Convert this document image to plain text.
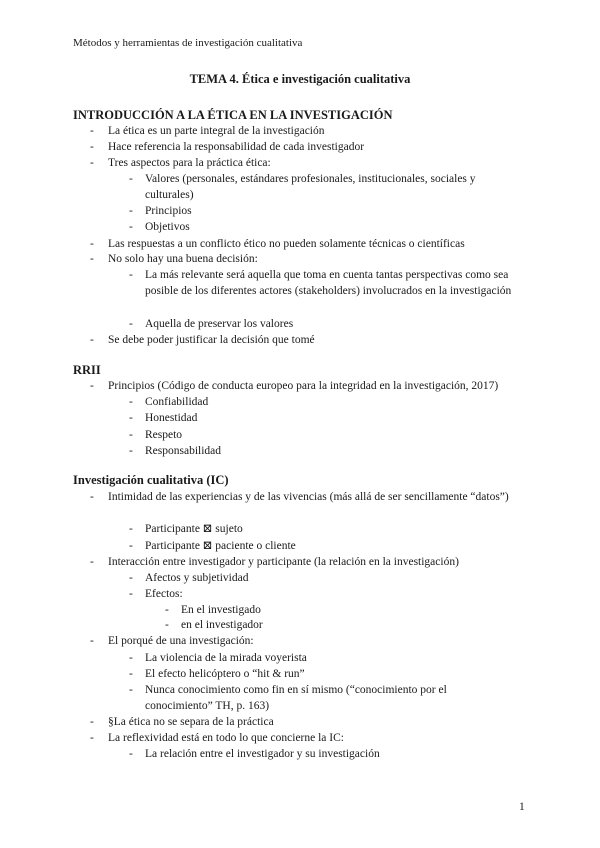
Métodos y herramientas de investigación cualitativa
TEMA 4. Ética e investigación cualitativa
INTRODUCCIÓN A LA ÉTICA EN LA INVESTIGACIÓN
- La ética es un parte integral de la investigación
- Hace referencia la responsabilidad de cada investigador
- Tres aspectos para la práctica ética:
- Valores (personales, estándares profesionales, institucionales, sociales y culturales)
- Principios
- Objetivos
- Las respuestas a un conflicto ético no pueden solamente técnicas o científicas
- No solo hay una buena decisión:
- La más relevante será aquella que toma en cuenta tantas perspectivas como sea posible de los diferentes actores (stakeholders) involucrados en la investigación
- Aquella de preservar los valores
- Se debe poder justificar la decisión que tomé
RRII
- Principios (Código de conducta europeo para la integridad en la investigación, 2017)
- Confiabilidad
- Honestidad
- Respeto
- Responsabilidad
Investigación cualitativa (IC)
- Intimidad de las experiencias y de las vivencias (más allá de ser sencillamente “datos”)
- Participante ⊠ sujeto
- Participante ⊠ paciente o cliente
- Interacción entre investigador y participante (la relación en la investigación)
- Afectos y subjetividad
- Efectos:
- En el investigado
- en el investigador
- El porqué de una investigación:
- La violencia de la mirada voyerista
- El efecto helicóptero o “hit & run”
- Nunca conocimiento como fin en sí mismo (“conocimiento por el conocimiento” TH, p. 163)
- §La ética no se separa de la práctica
- La reflexividad está en todo lo que concierne la IC:
- La relación entre el investigador y su investigación
1
